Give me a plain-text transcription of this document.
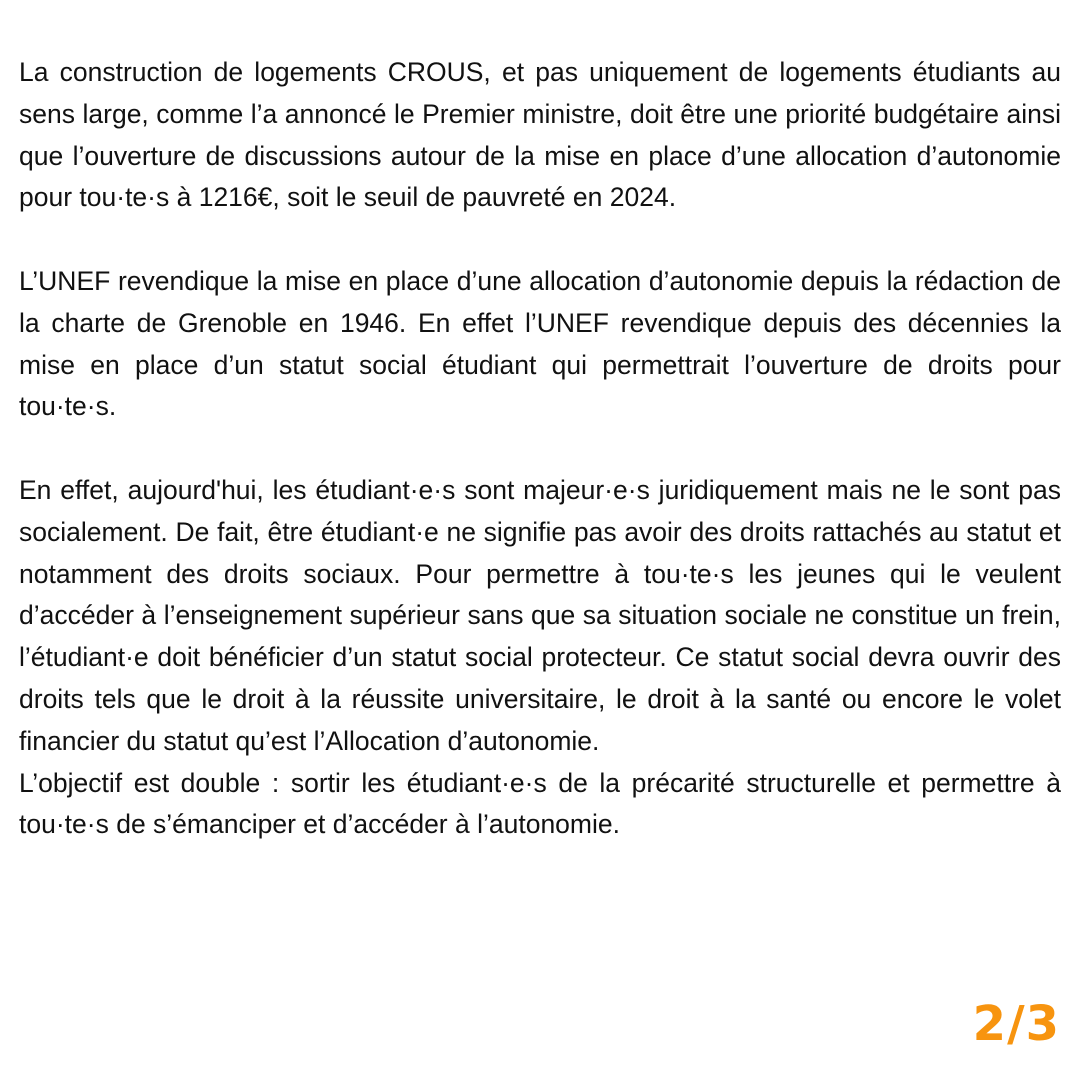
La construction de logements CROUS, et pas uniquement de logements étudiants au sens large, comme l’a annoncé le Premier ministre, doit être une priorité budgétaire ainsi que l’ouverture de discussions autour de la mise en place d’une allocation d’autonomie pour tou·te·s à 1216€, soit le seuil de pauvreté en 2024.

L’UNEF revendique la mise en place d’une allocation d’autonomie depuis la rédaction de la charte de Grenoble en 1946. En effet l’UNEF revendique depuis des décennies la mise en place d’un statut social étudiant qui permettrait l’ouverture de droits pour tou·te·s.

En effet, aujourd'hui, les étudiant·e·s sont majeur·e·s juridiquement mais ne le sont pas socialement. De fait, être étudiant·e ne signifie pas avoir des droits rattachés au statut et notamment des droits sociaux. Pour permettre à tou·te·s les jeunes qui le veulent d’accéder à l’enseignement supérieur sans que sa situation sociale ne constitue un frein, l’étudiant·e doit bénéficier d’un statut social protecteur. Ce statut social devra ouvrir des droits tels que le droit à la réussite universitaire, le droit à la santé ou encore le volet financier du statut qu’est l’Allocation d’autonomie.

L’objectif est double : sortir les étudiant·e·s de la précarité structurelle et permettre à tou·te·s de s’émanciper et d’accéder à l’autonomie.

2/3
